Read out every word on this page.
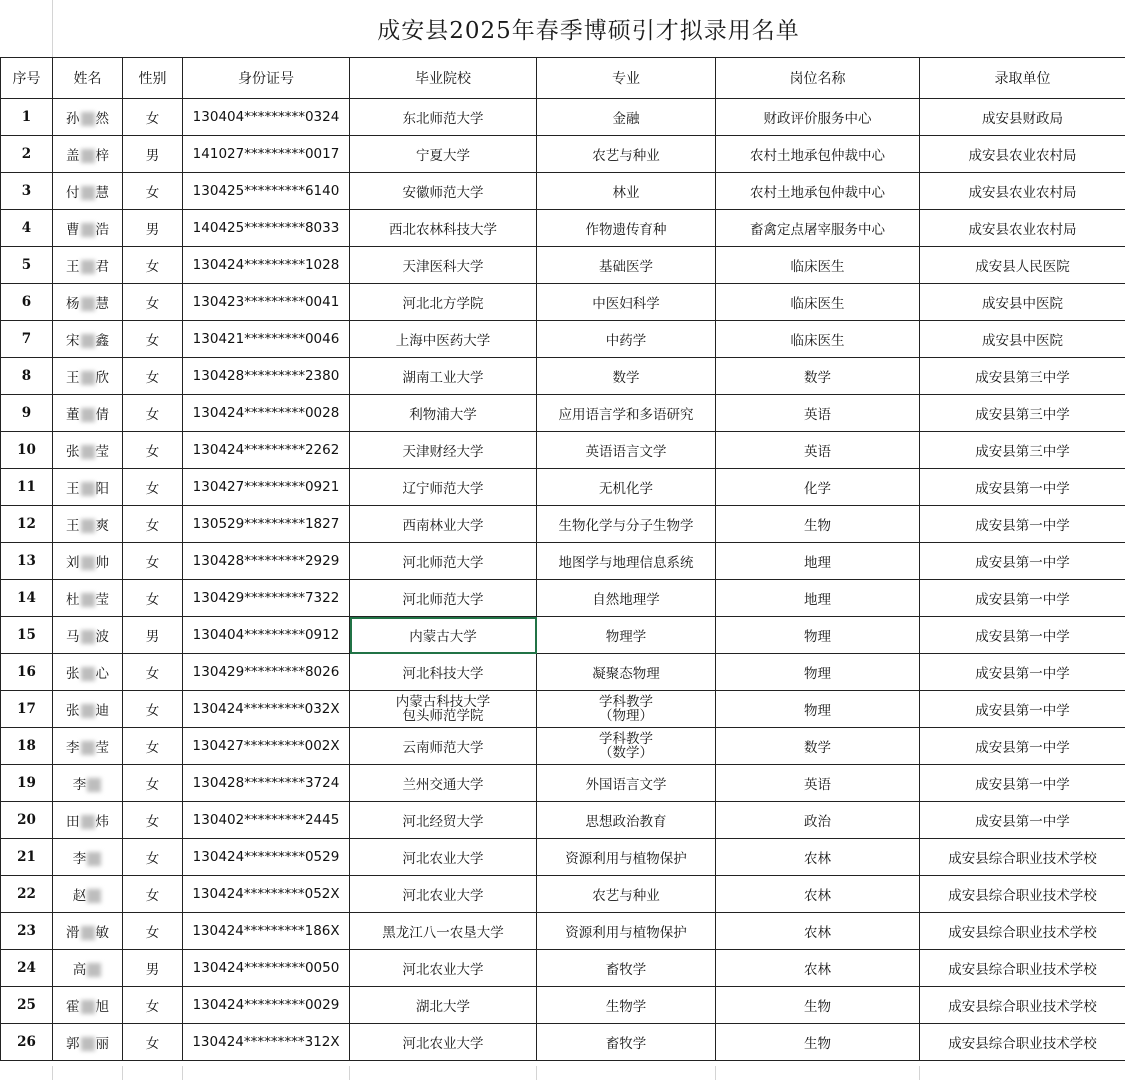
成安县2025年春季博硕引才拟录用名单
序号	姓名	性别	身份证号	毕业院校	专业	岗位名称	录取单位
1	孙 然	女	130404*********0324	东北师范大学	金融	财政评价服务中心	成安县财政局
2	盖 梓	男	141027*********0017	宁夏大学	农艺与种业	农村土地承包仲裁中心	成安县农业农村局
3	付 慧	女	130425*********6140	安徽师范大学	林业	农村土地承包仲裁中心	成安县农业农村局
4	曹 浩	男	140425*********8033	西北农林科技大学	作物遗传育种	畜禽定点屠宰服务中心	成安县农业农村局
5	王 君	女	130424*********1028	天津医科大学	基础医学	临床医生	成安县人民医院
6	杨 慧	女	130423*********0041	河北北方学院	中医妇科学	临床医生	成安县中医院
7	宋 鑫	女	130421*********0046	上海中医药大学	中药学	临床医生	成安县中医院
8	王 欣	女	130428*********2380	湖南工业大学	数学	数学	成安县第三中学
9	董 倩	女	130424*********0028	利物浦大学	应用语言学和多语研究	英语	成安县第三中学
10	张 莹	女	130424*********2262	天津财经大学	英语语言文学	英语	成安县第三中学
11	王 阳	女	130427*********0921	辽宁师范大学	无机化学	化学	成安县第一中学
12	王 爽	女	130529*********1827	西南林业大学	生物化学与分子生物学	生物	成安县第一中学
13	刘 帅	女	130428*********2929	河北师范大学	地图学与地理信息系统	地理	成安县第一中学
14	杜 莹	女	130429*********7322	河北师范大学	自然地理学	地理	成安县第一中学
15	马 波	男	130404*********0912	内蒙古大学	物理学	物理	成安县第一中学
16	张 心	女	130429*********8026	河北科技大学	凝聚态物理	物理	成安县第一中学
17	张 迪	女	130424*********032X	内蒙古科技大学
包头师范学院	学科教学
（物理）	物理	成安县第一中学
18	李 莹	女	130427*********002X	云南师范大学	学科教学
（数学）	数学	成安县第一中学
19	李	女	130428*********3724	兰州交通大学	外国语言文学	英语	成安县第一中学
20	田 炜	女	130402*********2445	河北经贸大学	思想政治教育	政治	成安县第一中学
21	李	女	130424*********0529	河北农业大学	资源利用与植物保护	农林	成安县综合职业技术学校
22	赵	女	130424*********052X	河北农业大学	农艺与种业	农林	成安县综合职业技术学校
23	滑 敏	女	130424*********186X	黑龙江八一农垦大学	资源利用与植物保护	农林	成安县综合职业技术学校
24	高	男	130424*********0050	河北农业大学	畜牧学	农林	成安县综合职业技术学校
25	霍 旭	女	130424*********0029	湖北大学	生物学	生物	成安县综合职业技术学校
26	郭 丽	女	130424*********312X	河北农业大学	畜牧学	生物	成安县综合职业技术学校
